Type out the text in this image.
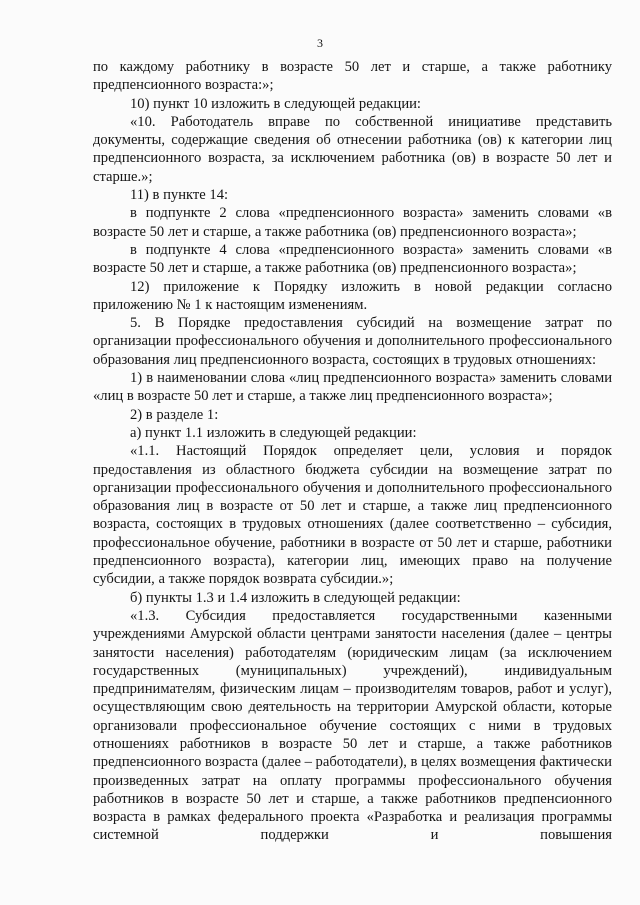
3

по каждому работнику в возрасте 50 лет и старше, а также работнику предпенсионного возраста:»;

10) пункт 10 изложить в следующей редакции:

«10. Работодатель вправе по собственной инициативе представить документы, содержащие сведения об отнесении работника (ов) к категории лиц предпенсионного возраста, за исключением работника (ов) в возрасте 50 лет и старше.»;

11) в пункте 14:

в подпункте 2 слова «предпенсионного возраста» заменить словами «в возрасте 50 лет и старше, а также работника (ов) предпенсионного возраста»;

в подпункте 4 слова «предпенсионного возраста» заменить словами «в возрасте 50 лет и старше, а также работника (ов) предпенсионного возраста»;

12) приложение к Порядку изложить в новой редакции согласно приложению № 1 к настоящим изменениям.

5. В Порядке предоставления субсидий на возмещение затрат по организации профессионального обучения и дополнительного профессионального образования лиц предпенсионного возраста, состоящих в трудовых отношениях:

1) в наименовании слова «лиц предпенсионного возраста» заменить словами «лиц в возрасте 50 лет и старше, а также лиц предпенсионного возраста»;

2) в разделе 1:

а) пункт 1.1 изложить в следующей редакции:

«1.1. Настоящий Порядок определяет цели, условия и порядок предоставления из областного бюджета субсидии на возмещение затрат по организации профессионального обучения и дополнительного профессионального образования лиц в возрасте от 50 лет и старше, а также лиц предпенсионного возраста, состоящих в трудовых отношениях (далее соответственно – субсидия, профессиональное обучение, работники в возрасте от 50 лет и старше, работники предпенсионного возраста), категории лиц, имеющих право на получение субсидии, а также порядок возврата субсидии.»;

б) пункты 1.3 и 1.4 изложить в следующей редакции:

«1.3. Субсидия предоставляется государственными казенными учреждениями Амурской области центрами занятости населения (далее – центры занятости населения) работодателям (юридическим лицам (за исключением государственных (муниципальных) учреждений), индивидуальным предпринимателям, физическим лицам – производителям товаров, работ и услуг), осуществляющим свою деятельность на территории Амурской области, которые организовали профессиональное обучение состоящих с ними в трудовых отношениях работников в возрасте 50 лет и старше, а также работников предпенсионного возраста (далее – работодатели), в целях возмещения фактически произведенных затрат на оплату программы профессионального обучения работников в возрасте 50 лет и старше, а также работников предпенсионного возраста в рамках федерального проекта «Разработка и реализация программы системной поддержки и повышения
